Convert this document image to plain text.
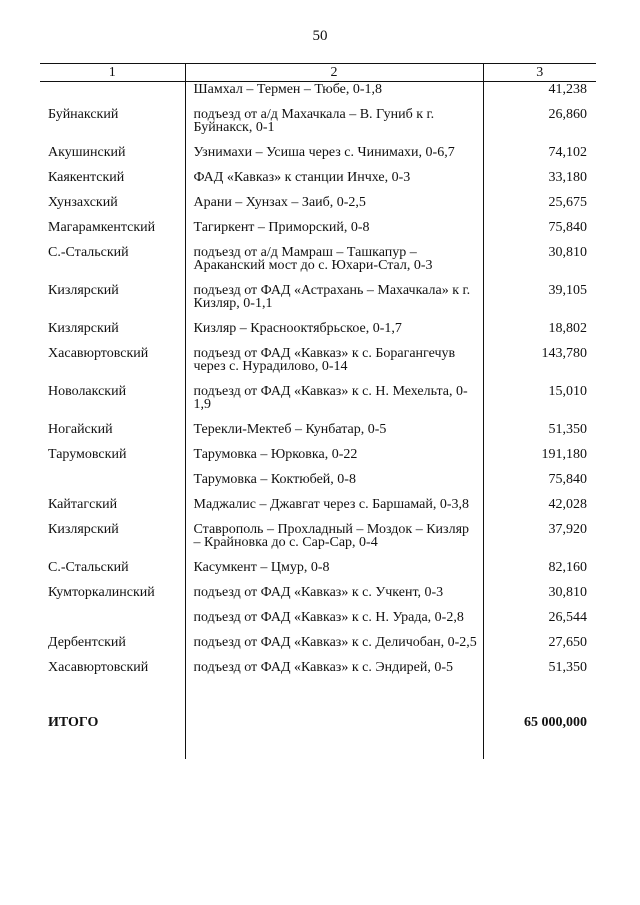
50
1	2	3
	Шамхал – Термен – Тюбе, 0-1,8	41,238
Буйнакский	подъезд от а/д Махачкала – В. Гуниб к г. Буйнакск, 0-1	26,860
Акушинский	Узнимахи – Усиша через с. Чинимахи, 0-6,7	74,102
Каякентский	ФАД «Кавказ» к станции Инчхе, 0-3	33,180
Хунзахский	Арани – Хунзах – Заиб, 0-2,5	25,675
Магарамкентский	Тагиркент – Приморский, 0-8	75,840
С.-Стальский	подъезд от а/д Мамраш – Ташкапур – Араканский мост до с. Юхари-Стал, 0-3	30,810
Кизлярский	подъезд от ФАД «Астрахань – Махачкала» к г. Кизляр, 0-1,1	39,105
Кизлярский	Кизляр – Краснооктябрьское, 0-1,7	18,802
Хасавюртовский	подъезд от ФАД «Кавказ» к с. Борагангечув через с. Нурадилово, 0-14	143,780
Новолакский	подъезд от ФАД «Кавказ» к с. Н. Мехельта, 0-1,9	15,010
Ногайский	Терекли-Мектеб – Кунбатар, 0-5	51,350
Тарумовский	Тарумовка – Юрковка, 0-22	191,180
	Тарумовка – Коктюбей, 0-8	75,840
Кайтагский	Маджалис – Джавгат через с. Баршамай, 0-3,8	42,028
Кизлярский	Ставрополь – Прохладный – Моздок – Кизляр – Крайновка до с. Сар-Сар, 0-4	37,920
С.-Стальский	Касумкент – Цмур, 0-8	82,160
Кумторкалинский	подъезд от ФАД «Кавказ» к с. Учкент, 0-3	30,810
	подъезд от ФАД «Кавказ» к с. Н. Урада, 0-2,8	26,544
Дербентский	подъезд от ФАД «Кавказ» к с. Деличобан, 0-2,5	27,650
Хасавюртовский	подъезд от ФАД «Кавказ» к с. Эндирей, 0-5	51,350

ИТОГО		65 000,000
